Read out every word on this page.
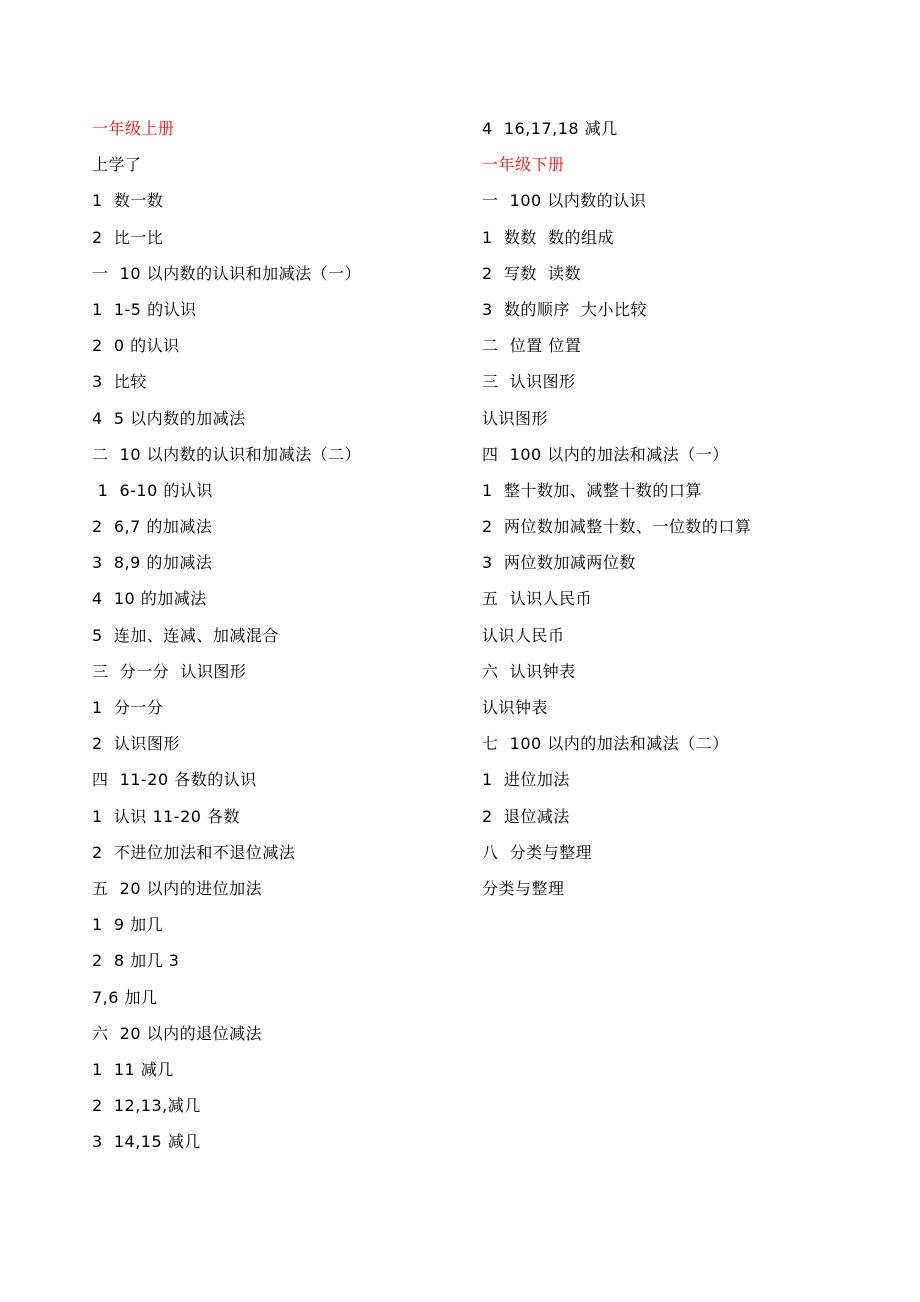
一年级上册
上学了
1  数一数
2  比一比
一  10 以内数的认识和加减法（一）
1  1-5 的认识
2  0 的认识
3  比较
4  5 以内数的加减法
二  10 以内数的认识和加减法（二）
1  6-10 的认识
2  6,7 的加减法
3  8,9 的加减法
4  10 的加减法
5  连加、连减、加减混合
三  分一分  认识图形
1  分一分
2  认识图形
四  11-20 各数的认识
1  认识 11-20 各数
2  不进位加法和不退位减法
五  20 以内的进位加法
1  9 加几
2  8 加几 3
7,6 加几
六  20 以内的退位减法
1  11 减几
2  12,13,减几
3  14,15 减几
4  16,17,18 减几
一年级下册
一  100 以内数的认识
1  数数  数的组成
2  写数  读数
3  数的顺序  大小比较
二  位置 位置
三  认识图形
认识图形
四  100 以内的加法和减法（一）
1  整十数加、减整十数的口算
2  两位数加减整十数、一位数的口算
3  两位数加减两位数
五  认识人民币
认识人民币
六  认识钟表
认识钟表
七  100 以内的加法和减法（二）
1  进位加法
2  退位减法
八  分类与整理
分类与整理
